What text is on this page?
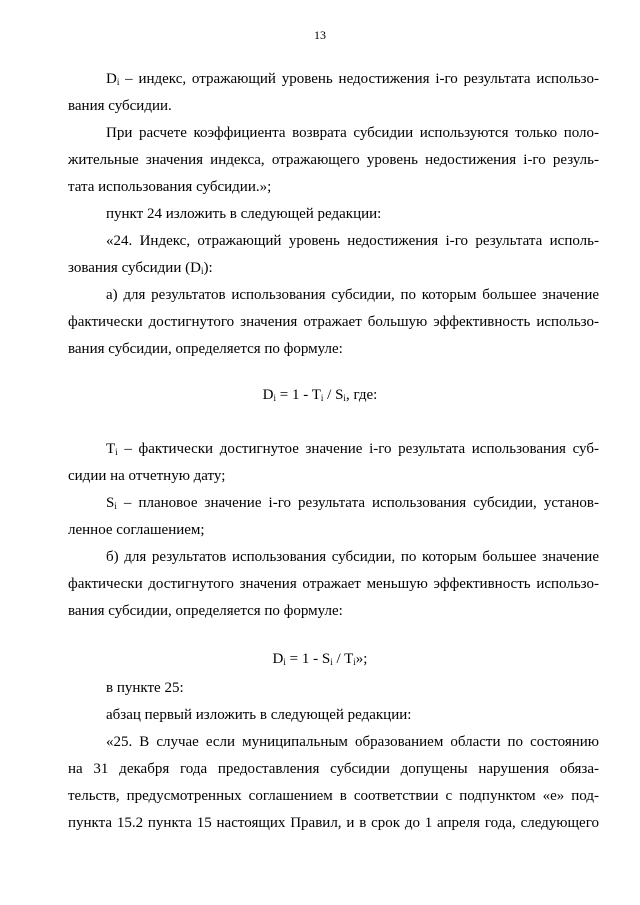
13
$D_i$ – индекс, отражающий уровень недостижения i-го результата использо-
вания субсидии.
При расчете коэффициента возврата субсидии используются только поло-
жительные значения индекса, отражающего уровень недостижения i-го резуль-
тата использования субсидии.»;
пункт 24 изложить в следующей редакции:
«24. Индекс, отражающий уровень недостижения i-го результата исполь-
зования субсидии $(D_i)$:
а) для результатов использования субсидии, по которым большее значение
фактически достигнутого значения отражает большую эффективность использо-
вания субсидии, определяется по формуле:
$D_i = 1 - T_i / S_i$, где:
$T_i$ – фактически достигнутое значение i-го результата использования суб-
сидии на отчетную дату;
$S_i$ – плановое значение i-го результата использования субсидии, установ-
ленное соглашением;
б) для результатов использования субсидии, по которым большее значение
фактически достигнутого значения отражает меньшую эффективность использо-
вания субсидии, определяется по формуле:
$D_i = 1 - S_i / T_i$»;
в пункте 25:
абзац первый изложить в следующей редакции:
«25. В случае если муниципальным образованием области по состоянию
на 31 декабря года предоставления субсидии допущены нарушения обяза-
тельств, предусмотренных соглашением в соответствии с подпунктом «е» под-
пункта 15.2 пункта 15 настоящих Правил, и в срок до 1 апреля года, следующего
